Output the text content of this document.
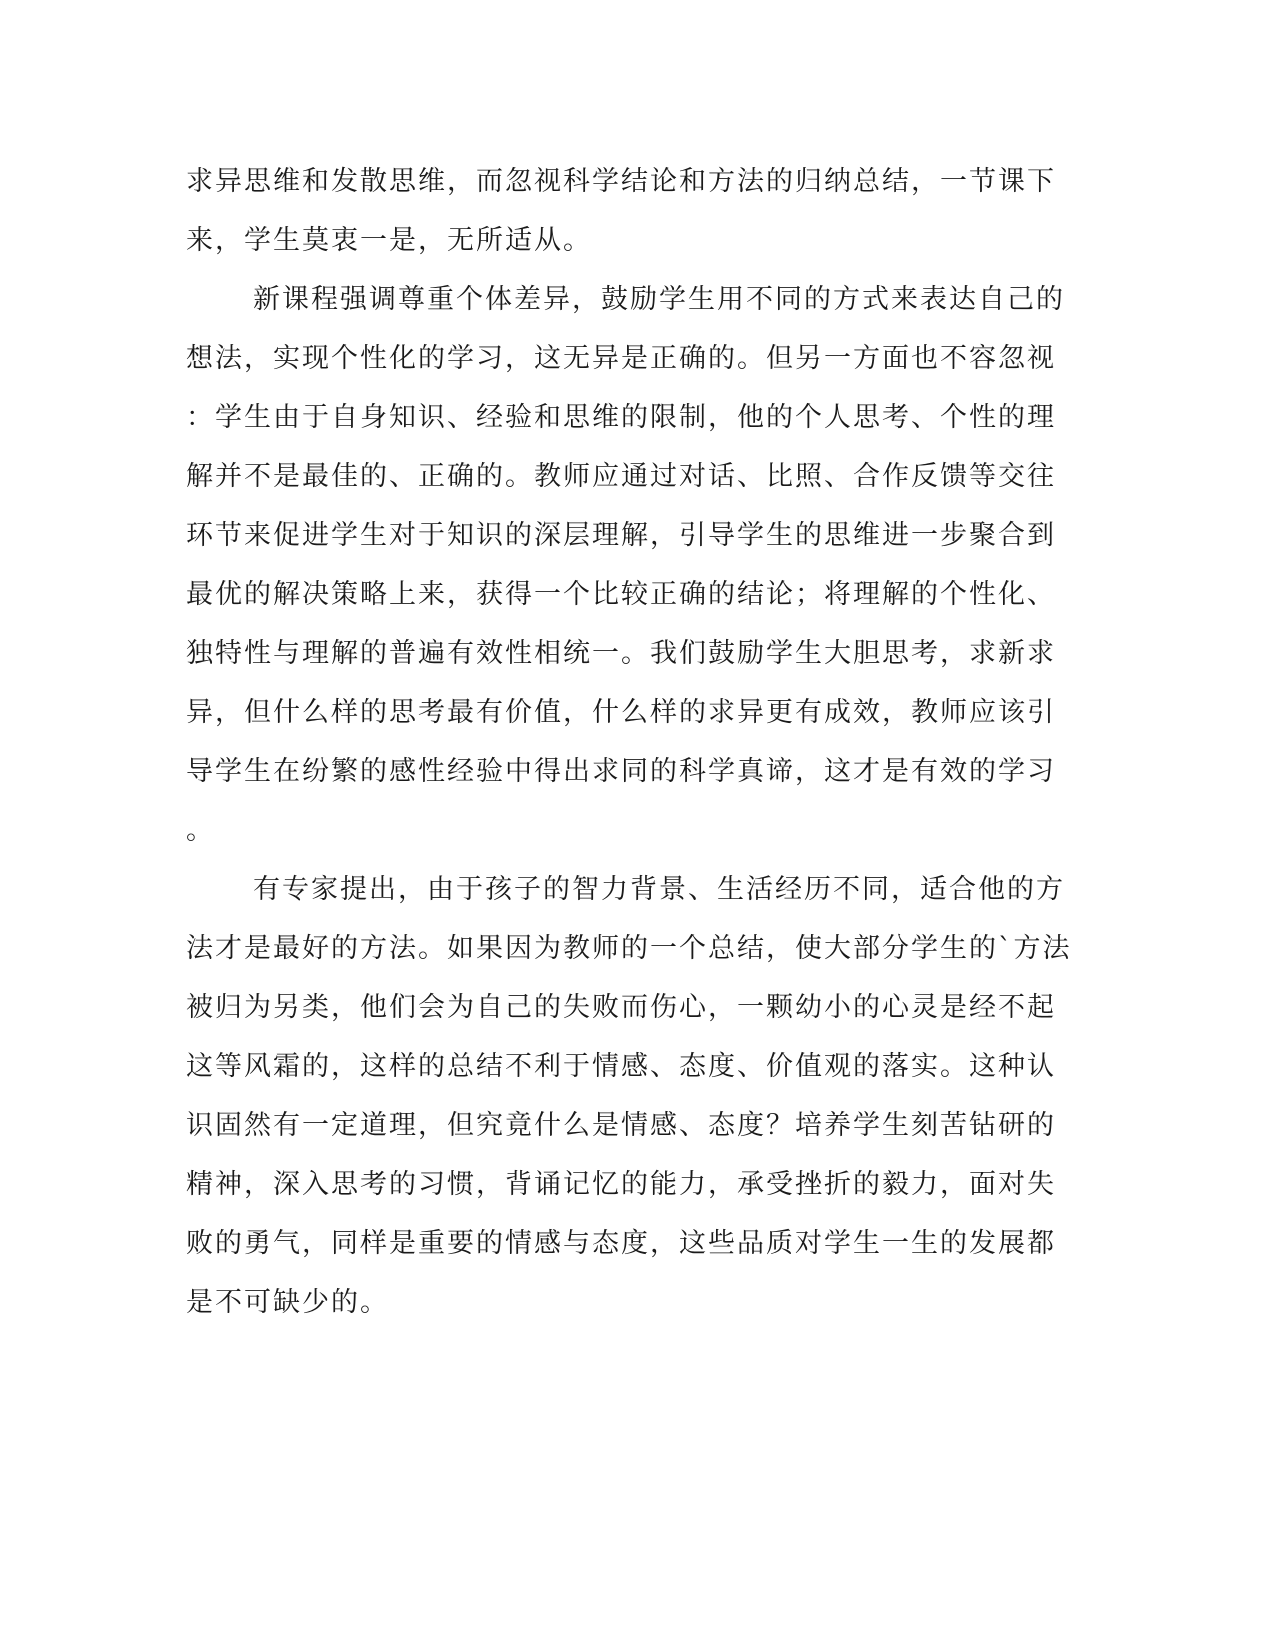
求异思维和发散思维，而忽视科学结论和方法的归纳总结，一节课下
来，学生莫衷一是，无所适从。
新课程强调尊重个体差异，鼓励学生用不同的方式来表达自己的
想法，实现个性化的学习，这无异是正确的。但另一方面也不容忽视
：学生由于自身知识、经验和思维的限制，他的个人思考、个性的理
解并不是最佳的、正确的。教师应通过对话、比照、合作反馈等交往
环节来促进学生对于知识的深层理解，引导学生的思维进一步聚合到
最优的解决策略上来，获得一个比较正确的结论；将理解的个性化、
独特性与理解的普遍有效性相统一。我们鼓励学生大胆思考，求新求
异，但什么样的思考最有价值，什么样的求异更有成效，教师应该引
导学生在纷繁的感性经验中得出求同的科学真谛，这才是有效的学习
。
有专家提出，由于孩子的智力背景、生活经历不同，适合他的方
法才是最好的方法。如果因为教师的一个总结，使大部分学生的`方法
被归为另类，他们会为自己的失败而伤心，一颗幼小的心灵是经不起
这等风霜的，这样的总结不利于情感、态度、价值观的落实。这种认
识固然有一定道理，但究竟什么是情感、态度？培养学生刻苦钻研的
精神，深入思考的习惯，背诵记忆的能力，承受挫折的毅力，面对失
败的勇气，同样是重要的情感与态度，这些品质对学生一生的发展都
是不可缺少的。
